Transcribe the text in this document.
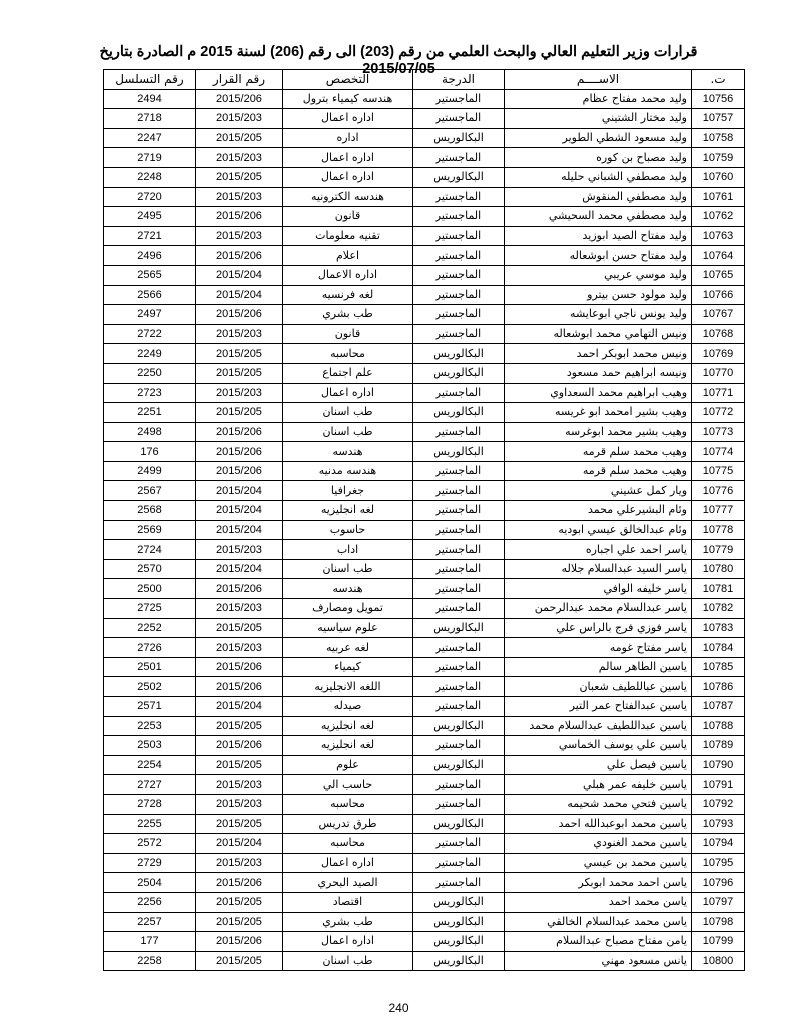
قرارات وزير التعليم العالي والبحث العلمي من رقم (203) الى رقم (206) لسنة 2015 م الصادرة بتاريخ
2015/07/05
ت.	الاســــم	الدرجة	التخصص	رقم القرار	رقم التسلسل
10756	وليد محمد مفتاح عظام	الماجستير	هندسه كيمياء بترول	2015/206	2494
10757	وليد مختار الشتيني	الماجستير	اداره اعمال	2015/203	2718
10758	وليد مسعود الشطي الطوير	البكالوريس	اداره	2015/205	2247
10759	وليد مصباح بن كوره	الماجستير	اداره اعمال	2015/203	2719
10760	وليد مصطفي الشباني حليله	البكالوريس	اداره اعمال	2015/205	2248
10761	وليد مصطفي المنقوش	الماجستير	هندسه الكترونيه	2015/203	2720
10762	وليد مصطفي محمد السحيشي	الماجستير	قانون	2015/206	2495
10763	وليد مفتاح الصيد ابوزيد	الماجستير	تقنيه معلومات	2015/203	2721
10764	وليد مفتاح حسن ابوشعاله	الماجستير	اعلام	2015/206	2496
10765	وليد موسي عريبي	الماجستير	اداره الاعمال	2015/204	2565
10766	وليد مولود حسن بيترو	الماجستير	لغه فرنسيه	2015/204	2566
10767	وليد يونس ناجي ابوعايشه	الماجستير	طب بشري	2015/206	2497
10768	ونيس التهامي محمد ابوشعاله	الماجستير	قانون	2015/203	2722
10769	ونيس محمد ابوبكر احمد	البكالوريس	محاسبه	2015/205	2249
10770	ونيسه ابراهيم حمد مسعود	البكالوريس	علم اجتماع	2015/205	2250
10771	وهيب ابراهيم محمد السعداوي	الماجستير	اداره اعمال	2015/203	2723
10772	وهيب بشير امحمد ابو غريسه	البكالوريس	طب اسنان	2015/205	2251
10773	وهيب بشير محمد ابوغرسه	الماجستير	طب اسنان	2015/206	2498
10774	وهيب محمد سلم قرمه	البكالوريس	هندسه	2015/206	176
10775	وهيب محمد سلم قرمه	الماجستير	هندسه مدنيه	2015/206	2499
10776	ويار كمل عشيني	الماجستير	جغرافيا	2015/204	2567
10777	وئام البشيرعلي محمد	الماجستير	لغه انجليزيه	2015/204	2568
10778	وئام عبدالخالق عيسي ابوديه	الماجستير	حاسوب	2015/204	2569
10779	ياسر احمد علي اجباره	الماجستير	اداب	2015/203	2724
10780	ياسر السيد عبدالسلام جلاله	الماجستير	طب اسنان	2015/204	2570
10781	ياسر خليفه الوافي	الماجستير	هندسه	2015/206	2500
10782	ياسر عبدالسلام محمد عبدالرحمن	الماجستير	تمويل ومصارف	2015/203	2725
10783	ياسر فوزي فرج بالراس علي	البكالوريس	علوم سياسيه	2015/205	2252
10784	ياسر مفتاح غومه	الماجستير	لغه عربيه	2015/203	2726
10785	ياسين الطاهر سالم	الماجستير	كيمياء	2015/206	2501
10786	ياسين عباللطيف شعبان	الماجستير	اللغه الانجليزيه	2015/206	2502
10787	ياسين عبدالفتاح عمر التير	الماجستير	صيدله	2015/204	2571
10788	ياسين عبداللطيف عبدالسلام محمد	البكالوريس	لغه انجليزيه	2015/205	2253
10789	ياسين علي يوسف الخماسي	الماجستير	لغه انجليزيه	2015/206	2503
10790	ياسين فيصل علي	البكالوريس	علوم	2015/205	2254
10791	ياسين خليفه عمر هبلي	الماجستير	حاسب الي	2015/203	2727
10792	ياسين فتحي محمد شحيمه	الماجستير	محاسبه	2015/203	2728
10793	ياسين محمد ابوعبدالله احمد	البكالوريس	طرق تدريس	2015/205	2255
10794	ياسين محمد الغنودي	الماجستير	محاسبه	2015/204	2572
10795	ياسين محمد بن عيسي	الماجستير	اداره اعمال	2015/203	2729
10796	ياسن احمد محمد ابوبكر	الماجستير	الصيد البحري	2015/206	2504
10797	ياسن محمد احمد	البكالوريس	اقتصاد	2015/205	2256
10798	ياسن محمد عبدالسلام الخالقي	البكالوريس	طب بشري	2015/205	2257
10799	يامن مفتاح مصباح عبدالسلام	البكالوريس	اداره اعمال	2015/206	177
10800	يانس مسعود مهني	البكالوريس	طب اسنان	2015/205	2258
240
